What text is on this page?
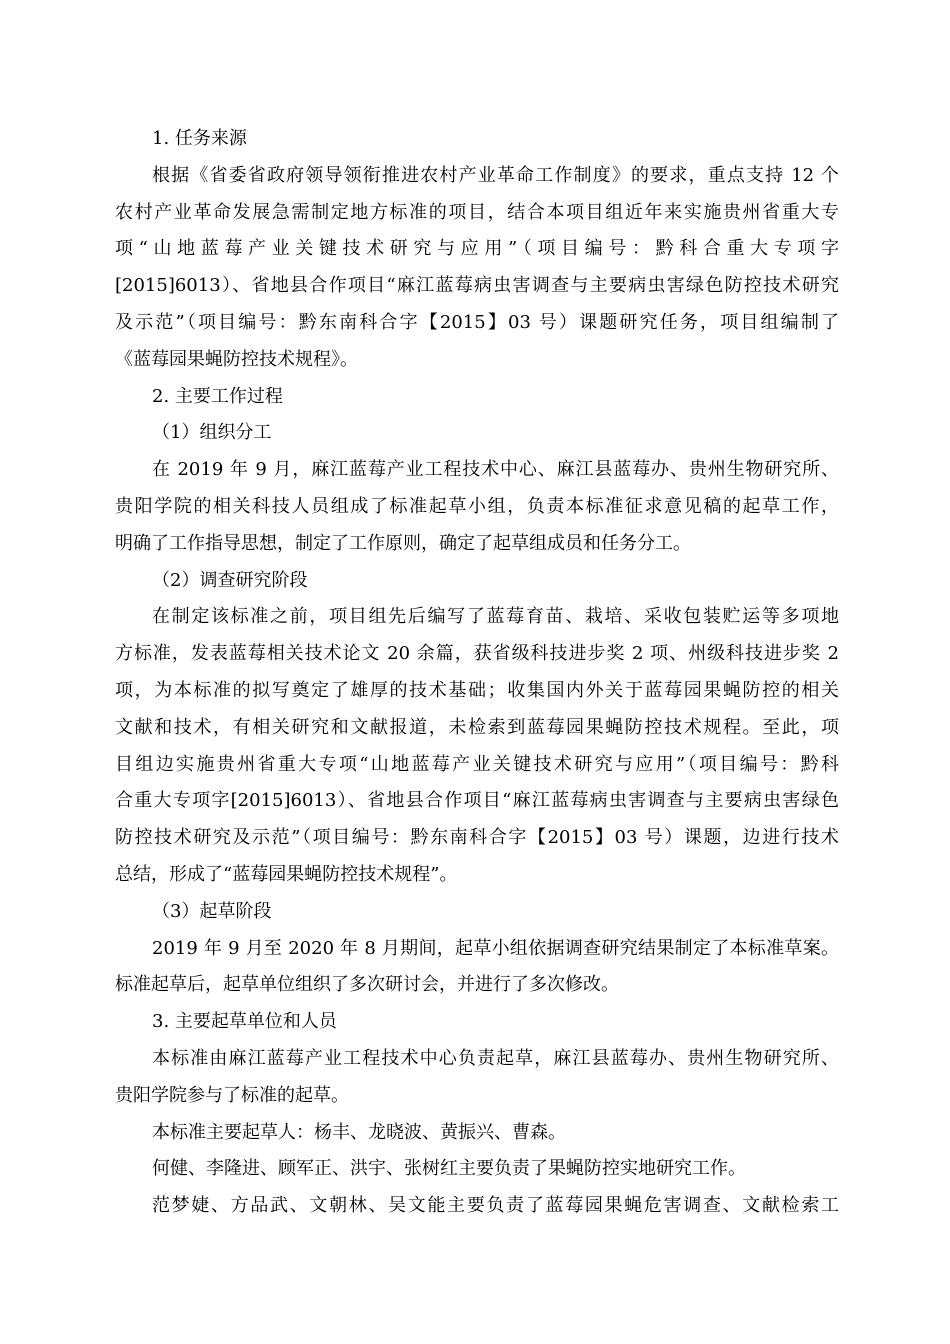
1. 任务来源
根据《省委省政府领导领衔推进农村产业革命工作制度》的要求，重点支持 12 个
农村产业革命发展急需制定地方标准的项目，结合本项目组近年来实施贵州省重大专
项“山地蓝莓产业关键技术研究与应用”（项目编号：黔科合重大专项字
[2015]6013）、省地县合作项目“麻江蓝莓病虫害调查与主要病虫害绿色防控技术研究
及示范”（项目编号：黔东南科合字【2015】03 号）课题研究任务，项目组编制了
《蓝莓园果蝇防控技术规程》。
2. 主要工作过程
（1）组织分工
在 2019 年 9 月，麻江蓝莓产业工程技术中心、麻江县蓝莓办、贵州生物研究所、
贵阳学院的相关科技人员组成了标准起草小组，负责本标准征求意见稿的起草工作，
明确了工作指导思想，制定了工作原则，确定了起草组成员和任务分工。
（2）调查研究阶段
在制定该标准之前，项目组先后编写了蓝莓育苗、栽培、采收包装贮运等多项地
方标准，发表蓝莓相关技术论文 20 余篇，获省级科技进步奖 2 项、州级科技进步奖 2
项，为本标准的拟写奠定了雄厚的技术基础；收集国内外关于蓝莓园果蝇防控的相关
文献和技术，有相关研究和文献报道，未检索到蓝莓园果蝇防控技术规程。至此，项
目组边实施贵州省重大专项“山地蓝莓产业关键技术研究与应用”（项目编号：黔科
合重大专项字[2015]6013）、省地县合作项目“麻江蓝莓病虫害调查与主要病虫害绿色
防控技术研究及示范”（项目编号：黔东南科合字【2015】03 号）课题，边进行技术
总结，形成了“蓝莓园果蝇防控技术规程”。
（3）起草阶段
2019 年 9 月至 2020 年 8 月期间，起草小组依据调查研究结果制定了本标准草案。
标准起草后，起草单位组织了多次研讨会，并进行了多次修改。
3. 主要起草单位和人员
本标准由麻江蓝莓产业工程技术中心负责起草，麻江县蓝莓办、贵州生物研究所、
贵阳学院参与了标准的起草。
本标准主要起草人：杨丰、龙晓波、黄振兴、曹森。
何健、李隆进、顾军正、洪宇、张树红主要负责了果蝇防控实地研究工作。
范梦婕、方品武、文朝林、吴文能主要负责了蓝莓园果蝇危害调查、文献检索工
